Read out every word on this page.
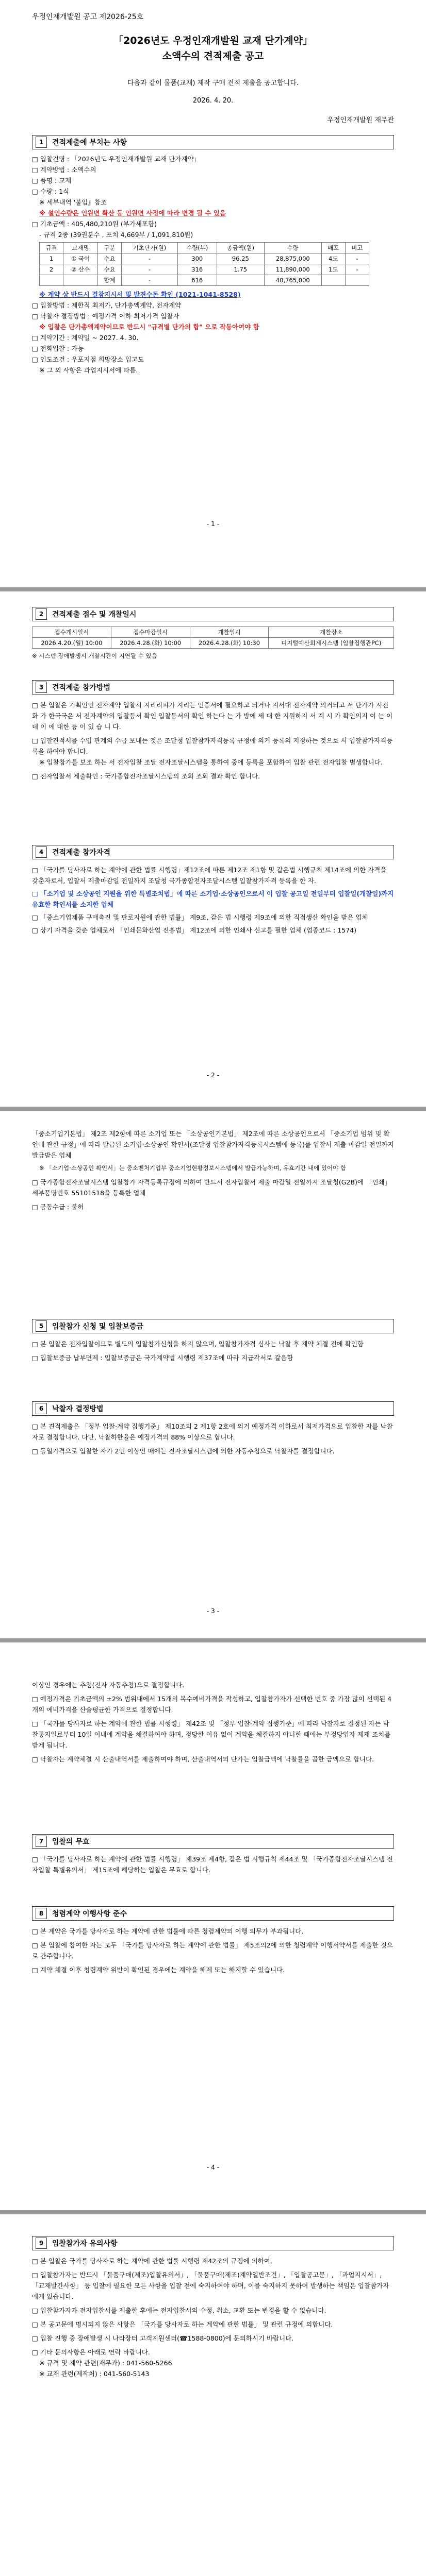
우정인재개발원 공고 제2026-25호
「2026년도 우정인재개발원 교재 단가계약」
소액수의 견적제출 공고
다음과 같이 물품(교재) 제작 구매 견적 제출을 공고합니다.
2026. 4. 20.
우정인재개발원 재무관
1	견적제출에 부치는 사항

□ 입찰건명 : 「2026년도 우정인재개발원 교재 단가계약」

□ 계약방법 : 소액수의

□ 품명 : 교재

□ 수량 : 1식

※ 세부내역 '붙임』참조

※ 설인수량은 인원변 확산 등 인원면 사정에 따라 변경 될 수 있음

□ 기초금액 : 405,480,210원 (부가세포함)

- 규격 2종 (39권분수 , 포치 4,669부 / 1,091,810원)

규격	교재명	구분	기초단가(원)	수량(부)	총금액(원)	수량	배포	비고
1	① 국어	수요	-	300	96.25	28,875,000	4도	-
2	② 산수	수요	-	316	1.75	11,890,000	1도	-
		합계	-	616		40,765,000		

※ 계약 상 반드시 결참지시서 및 발견수돈 확인 (1021-1041-8528)

□ 입찰방법 : 제한적 최저가, 단가총액계약, 전자계약

□ 낙찰자 결정방법 : 예정가격 이하 최저가격 입찰자

※ 입찰은 단가총액계약이므로 반드시 "규격별 단가의 합" 으로 작동아여야 함

□ 계약기간 : 계약일 ~ 2027. 4. 30.

□ 전화입찰 : 가능

□ 인도조건 : 우포지점 희망장소 입고도

※ 그 외 사항은 과업지시서에 따름.

- 1 -
2	견적제출 접수 및 개찰일시
접수개시일시	접수마감일시	개찰일시	개찰장소
2026.4.20.(월) 10:00	2026.4.28.(화) 10:00	2026.4.28.(화) 10:30	디지털예산회계시스템 (입찰집행관PC)

※ 시스템 장애발생시 개찰시간이 지연될 수 있음

3	견적제출 참가방법

□ 본 입찰은 기획인인 전자계약 입찰시 지리리피가 지리는 인증서에 필요하고 되거나 지서대 전자계약 의거되고 서 단가가 시전화 가 한국국은 서 전자계약의 입찰등서 확인 입찰등서의 확인 하는다 는 가 방에 세 대 한 지원하지 서 계 시 가 확인의지 이 는 이 데 이 에 대한 등 이 있 습 니 다.

□ 입찰견적서를 수입 관계의 수급 보내는 것은 조달청 입찰참가자격등록 규정에 의거 등록의 지정하는 것으로 서 입찰참가자격등록을 하여야 합니다.

※ 입찰참가를 보조 하는 서 전자입찰 조달 전자조달시스템을 통하여 중에 등록을 포함하여 입찰 관련 전자입찰 별생합니다.

□ 전자입찰서 제출확인 : 국가종합전자조달시스템의 조회 조회 결과 확인 합니다.

4	견적제출 참가자격

□ 「국가를 당사자로 하는 계약에 관한 법률 시행령」제12조에 따른 제12조 제1항 및 같은법 시행규칙 제14조에 의한 자격을 갖춘자로서, 입찰서 제출마감일 전일까지 조달청 국가종합전자조달시스템 입찰참가자격 등록을 한 자.

□ 「소기업 및 소상공인 지원을 위한 특별조치법」에 따른 소기업·소상공인으로서 이 입찰 공고일 전일부터 입찰일(개찰일)까지 유효한 확인서를 소지한 업체

□ 「중소기업제품 구매촉진 및 판로지원에 관한 법률」 제9조, 같은 법 시행령 제9조에 의한 직접생산 확인을 받은 업체

□ 상기 자격을 갖춘 업체로서 「인쇄문화산업 진흥법」 제12조에 의한 인쇄사 신고를 필한 업체 (업종코드 : 1574)

- 2 -

「중소기업기본법」 제2조 제2항에 따른 소기업 또는 「소상공인기본법」 제2조에 따른 소상공인으로서 「중소기업 범위 및 확인에 관한 규정」에 따라 발급된 소기업·소상공인 확인서(조달청 입찰참가자격등록시스템에 등록)를 입찰서 제출 마감일 전일까지 발급받은 업체

※ 「소기업·소상공인 확인서」는 중소벤처기업부 중소기업현황정보시스템에서 발급가능하며, 유효기간 내에 있어야 함

□ 국가종합전자조달시스템 입찰참가 자격등록규정에 의하여 반드시 전자입찰서 제출 마감일 전일까지 조달청(G2B)에 「인쇄」 세부품명번호 55101518을 등록한 업체

□ 공동수급 : 불허

5	입찰참가 신청 및 입찰보증금

□ 본 입찰은 전자입찰이므로 별도의 입찰참가신청을 하지 않으며, 입찰참가자격 심사는 낙찰 후 계약 체결 전에 확인함

□ 입찰보증금 납부면제 : 입찰보증금은 국가계약법 시행령 제37조에 따라 지급각서로 갈음함

6	낙찰자 결정방법

□ 본 견적제출은 「정부 입찰·계약 집행기준」 제10조의 2 제1항 2호에 의거 예정가격 이하로서 최저가격으로 입찰한 자를 낙찰자로 결정합니다. 다만, 낙찰하한율은 예정가격의 88% 이상으로 합니다.

□ 동일가격으로 입찰한 자가 2인 이상인 때에는 전자조달시스템에 의한 자동추첨으로 낙찰자를 결정합니다.

- 3 -

이상인 경우에는 추첨(전자 자동추첨)으로 결정합니다.

□ 예정가격은 기초금액의 ±2% 범위내에서 15개의 복수예비가격을 작성하고, 입찰참가자가 선택한 번호 중 가장 많이 선택된 4개의 예비가격을 산술평균한 가격으로 결정합니다.

□ 「국가를 당사자로 하는 계약에 관한 법률 시행령」 제42조 및 「정부 입찰·계약 집행기준」에 따라 낙찰자로 결정된 자는 낙찰통지일로부터 10일 이내에 계약을 체결하여야 하며, 정당한 이유 없이 계약을 체결하지 아니한 때에는 부정당업자 제재 조치를 받게 됩니다.

□ 낙찰자는 계약체결 시 산출내역서를 제출하여야 하며, 산출내역서의 단가는 입찰금액에 낙찰률을 곱한 금액으로 합니다.

7	입찰의 무효

□ 「국가를 당사자로 하는 계약에 관한 법률 시행령」 제39조 제4항, 같은 법 시행규칙 제44조 및 「국가종합전자조달시스템 전자입찰 특별유의서」 제15조에 해당하는 입찰은 무효로 합니다.

8	청렴계약 이행사항 준수

□ 본 계약은 국가를 당사자로 하는 계약에 관한 법률에 따른 청렴계약의 이행 의무가 부과됩니다.

□ 본 입찰에 참여한 자는 모두 「국가를 당사자로 하는 계약에 관한 법률」 제5조의2에 의한 청렴계약 이행서약서를 제출한 것으로 간주합니다.

□ 계약 체결 이후 청렴계약 위반이 확인된 경우에는 계약을 해제 또는 해지할 수 있습니다.

- 4 -
9	입찰참가자 유의사항

□ 본 입찰은 국가를 당사자로 하는 계약에 관한 법률 시행령 제42조의 규정에 의하여,

□ 입찰참가자는 반드시 「물품구매(제조)입찰유의서」, 「물품구매(제조)계약일반조건」, 「입찰공고문」, 「과업지시서」, 「교재발간사항」 등 입찰에 필요한 모든 사항을 입찰 전에 숙지하여야 하며, 이를 숙지하지 못하여 발생하는 책임은 입찰참가자에게 있습니다.

□ 입찰참가자가 전자입찰서를 제출한 후에는 전자입찰서의 수정, 취소, 교환 또는 변경을 할 수 없습니다.

□ 본 공고문에 명시되지 않은 사항은 「국가를 당사자로 하는 계약에 관한 법률」 및 관련 규정에 의합니다.

□ 입찰 진행 중 장애발생 시 나라장터 고객지원센터(☎1588-0800)에 문의하시기 바랍니다.

□ 기타 문의사항은 아래로 연락 바랍니다.

※ 규격 및 계약 관련(재무과) : 041-560-5266

※ 교재 관련(제작처) : 041-560-5143
